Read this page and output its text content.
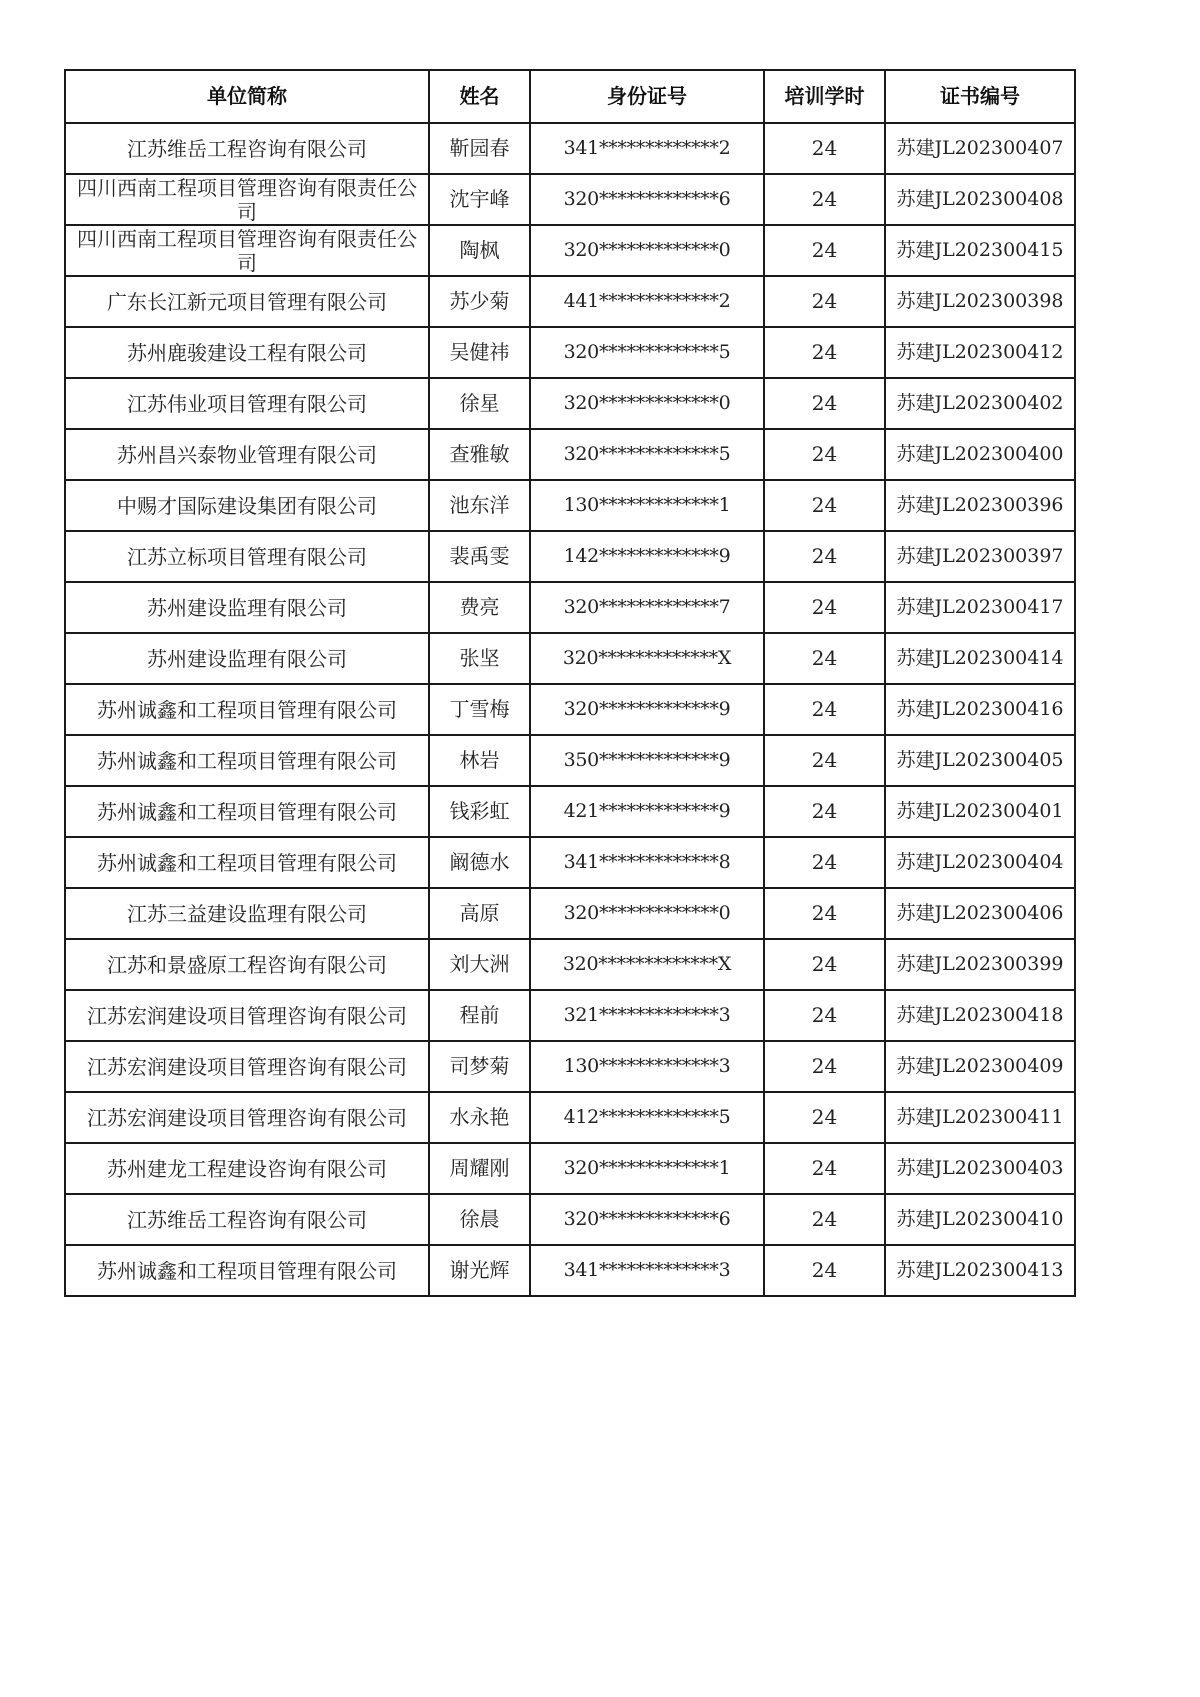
单位简称	姓名	身份证号	培训学时	证书编号
江苏维岳工程咨询有限公司	靳园春	341*************2	24	苏建JL202300407
四川西南工程项目管理咨询有限责任公司	沈宇峰	320*************6	24	苏建JL202300408
四川西南工程项目管理咨询有限责任公司	陶枫	320*************0	24	苏建JL202300415
广东长江新元项目管理有限公司	苏少菊	441*************2	24	苏建JL202300398
苏州鹿骏建设工程有限公司	吴健祎	320*************5	24	苏建JL202300412
江苏伟业项目管理有限公司	徐星	320*************0	24	苏建JL202300402
苏州昌兴泰物业管理有限公司	查雅敏	320*************5	24	苏建JL202300400
中赐才国际建设集团有限公司	池东洋	130*************1	24	苏建JL202300396
江苏立标项目管理有限公司	裴禹雯	142*************9	24	苏建JL202300397
苏州建设监理有限公司	费亮	320*************7	24	苏建JL202300417
苏州建设监理有限公司	张坚	320*************X	24	苏建JL202300414
苏州诚鑫和工程项目管理有限公司	丁雪梅	320*************9	24	苏建JL202300416
苏州诚鑫和工程项目管理有限公司	林岩	350*************9	24	苏建JL202300405
苏州诚鑫和工程项目管理有限公司	钱彩虹	421*************9	24	苏建JL202300401
苏州诚鑫和工程项目管理有限公司	阚德水	341*************8	24	苏建JL202300404
江苏三益建设监理有限公司	高原	320*************0	24	苏建JL202300406
江苏和景盛原工程咨询有限公司	刘大洲	320*************X	24	苏建JL202300399
江苏宏润建设项目管理咨询有限公司	程前	321*************3	24	苏建JL202300418
江苏宏润建设项目管理咨询有限公司	司梦菊	130*************3	24	苏建JL202300409
江苏宏润建设项目管理咨询有限公司	水永艳	412*************5	24	苏建JL202300411
苏州建龙工程建设咨询有限公司	周耀刚	320*************1	24	苏建JL202300403
江苏维岳工程咨询有限公司	徐晨	320*************6	24	苏建JL202300410
苏州诚鑫和工程项目管理有限公司	谢光辉	341*************3	24	苏建JL202300413
